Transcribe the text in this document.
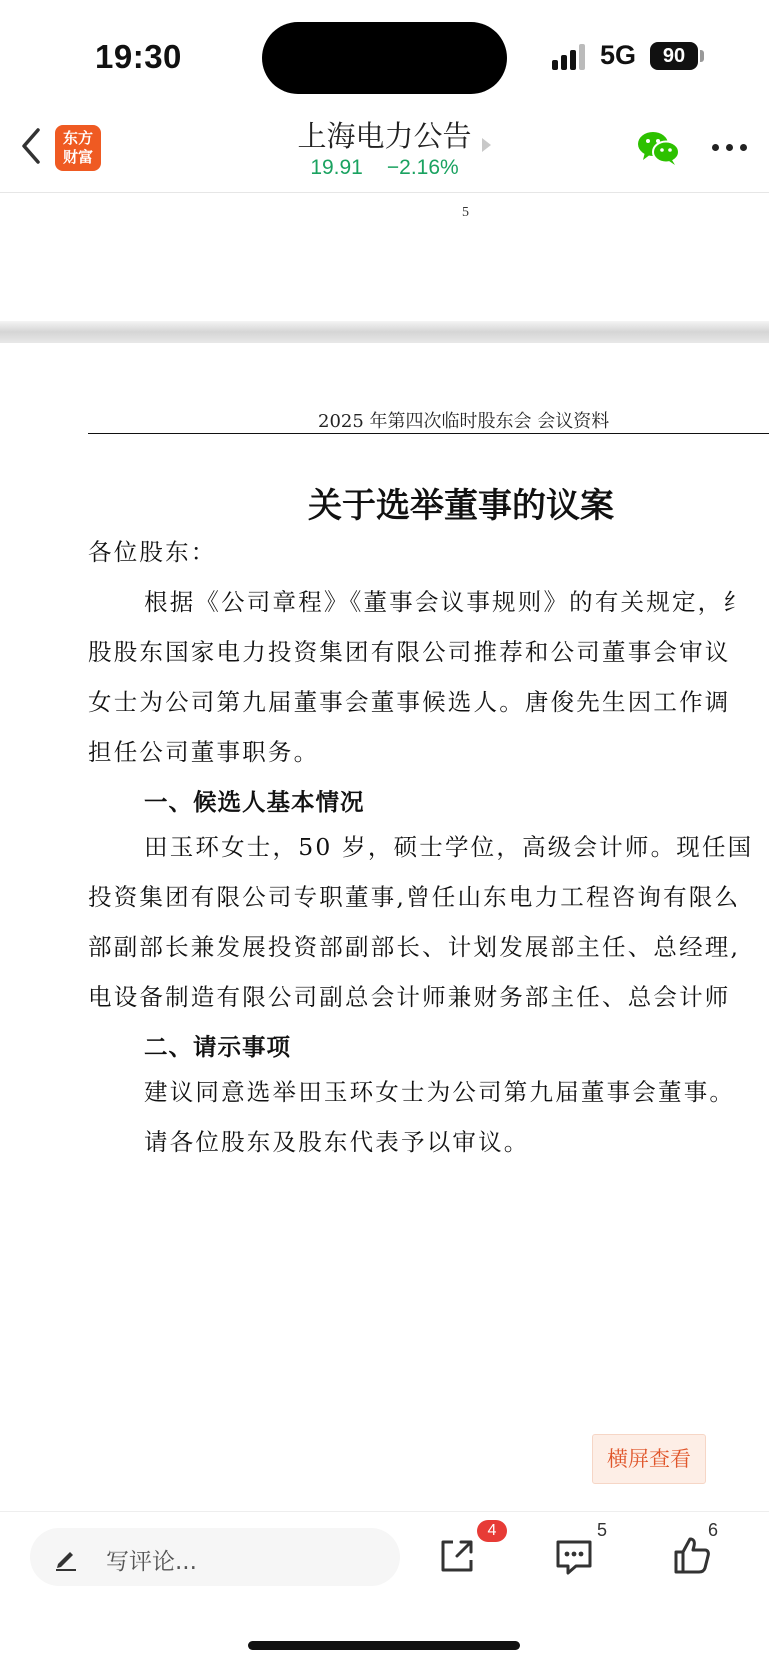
19:30	5G	90
东方
财富
上海电力公告
19.91 −2.16%
5
2025 年第四次临时股东会 会议资料
关于选举董事的议案
各位股东：
根据《公司章程》《董事会议事规则》的有关规定，纟
股股东国家电力投资集团有限公司推荐和公司董事会审议
女士为公司第九届董事会董事候选人。唐俊先生因工作调
担任公司董事职务。
一、候选人基本情况
田玉环女士，50 岁，硕士学位，高级会计师。现任国
投资集团有限公司专职董事,曾任山东电力工程咨询有限么
部副部长兼发展投资部副部长、计划发展部主任、总经理,
电设备制造有限公司副总会计师兼财务部主任、总会计师
二、请示事项
建议同意选举田玉环女士为公司第九届董事会董事。
请各位股东及股东代表予以审议。
横屏查看
写评论...
4	5	6
